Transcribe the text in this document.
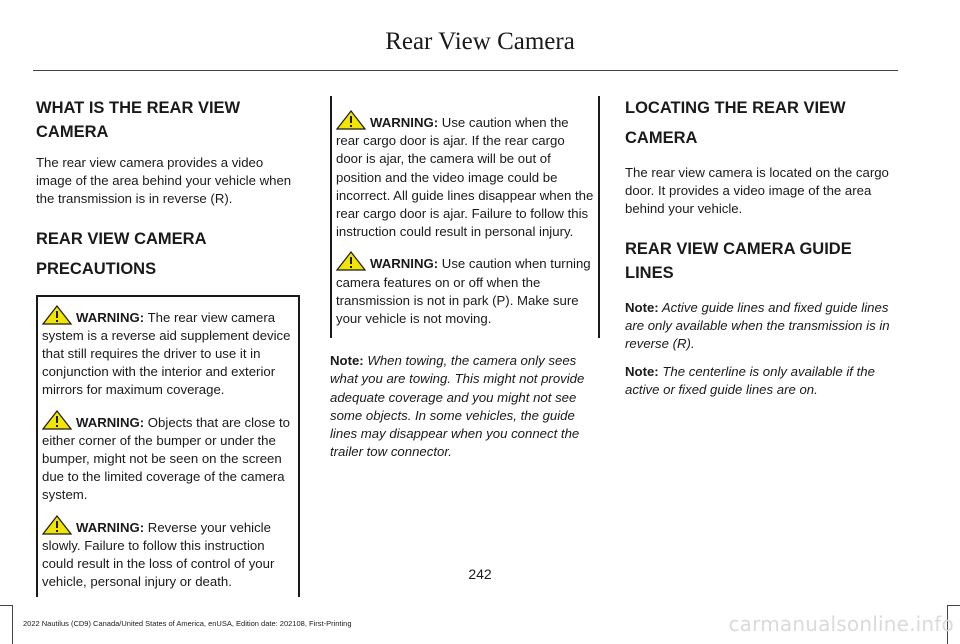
Rear View Camera
WHAT IS THE REAR VIEW CAMERA

The rear view camera provides a video image of the area behind your vehicle when the transmission is in reverse (R).

REAR VIEW CAMERA
PRECAUTIONS

WARNING: The rear view camera system is a reverse aid supplement device that still requires the driver to use it in conjunction with the interior and exterior mirrors for maximum coverage.

WARNING: Objects that are close to either corner of the bumper or under the bumper, might not be seen on the screen due to the limited coverage of the camera system.

WARNING: Reverse your vehicle slowly. Failure to follow this instruction could result in the loss of control of your vehicle, personal injury or death.

WARNING: Use caution when the rear cargo door is ajar. If the rear cargo door is ajar, the camera will be out of position and the video image could be incorrect. All guide lines disappear when the rear cargo door is ajar. Failure to follow this instruction could result in personal injury.

WARNING: Use caution when turning camera features on or off when the transmission is not in park (P). Make sure your vehicle is not moving.

Note: When towing, the camera only sees what you are towing. This might not provide adequate coverage and you might not see some objects. In some vehicles, the guide lines may disappear when you connect the trailer tow connector.

LOCATING THE REAR VIEW
CAMERA

The rear view camera is located on the cargo door. It provides a video image of the area behind your vehicle.

REAR VIEW CAMERA GUIDE LINES

Note: Active guide lines and fixed guide lines are only available when the transmission is in reverse (R).

Note: The centerline is only available if the active or fixed guide lines are on.

242
2022 Nautilus (CD9) Canada/United States of America, enUSA, Edition date: 202108, First-Printing	carmanualsonline.info
